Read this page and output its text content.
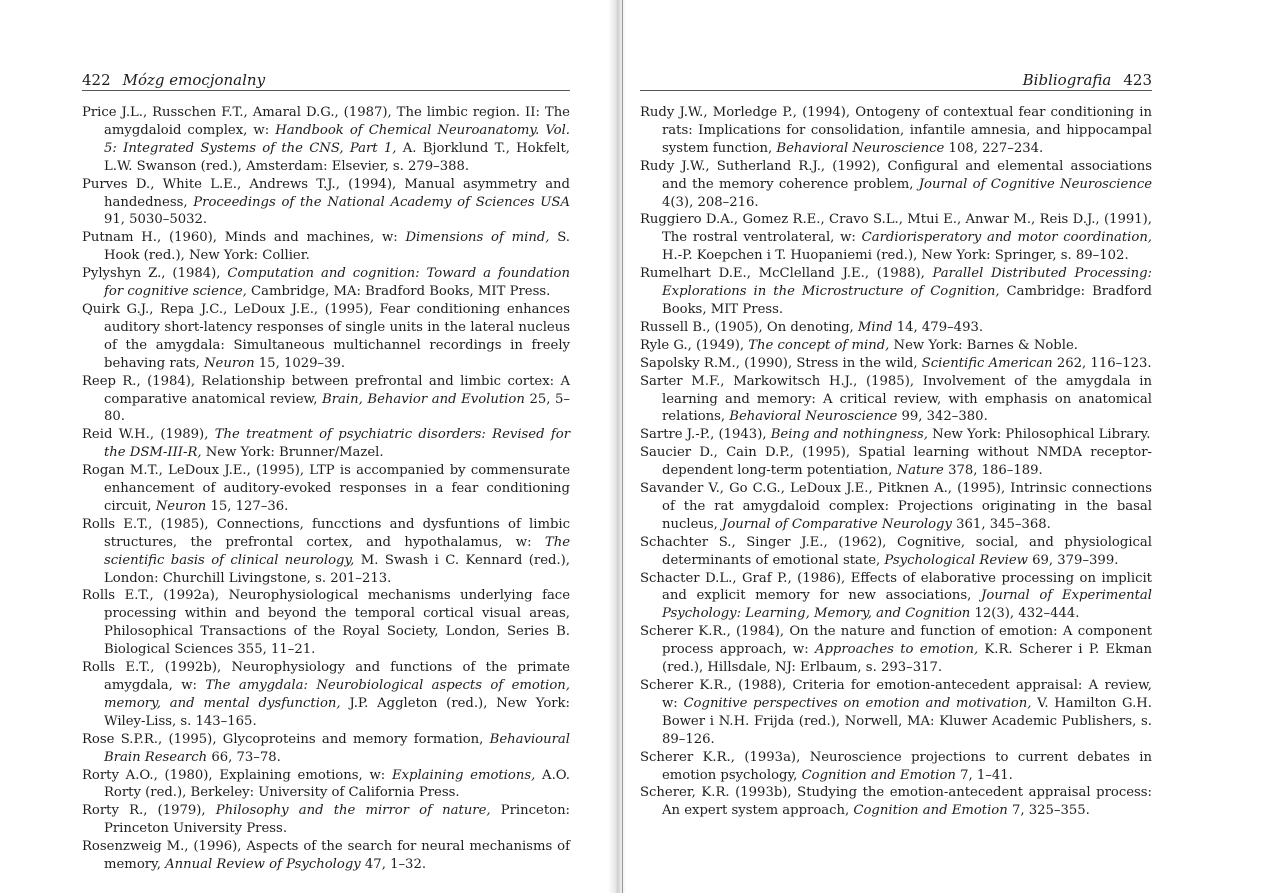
422 Mózg emocjonalny

Price J.L., Russchen F.T., Amaral D.G., (1987), The limbic region. II: The amygdaloid complex, w: Handbook of Chemical Neuroanatomy. Vol. 5: Integrated Systems of the CNS, Part 1, A. Bjorklund T., Hokfelt, L.W. Swanson (red.), Amsterdam: Elsevier, s. 279–388.

Purves D., White L.E., Andrews T.J., (1994), Manual asymmetry and handedness, Proceedings of the National Academy of Sciences USA 91, 5030–5032.

Putnam H., (1960), Minds and machines, w: Dimensions of mind, S. Hook (red.), New York: Collier.

Pylyshyn Z., (1984), Computation and cognition: Toward a foundation for cognitive science, Cambridge, MA: Bradford Books, MIT Press.

Quirk G.J., Repa J.C., LeDoux J.E., (1995), Fear conditioning enhances auditory short-latency responses of single units in the lateral nucleus of the amygdala: Simultaneous multichannel recordings in freely behaving rats, Neuron 15, 1029–39.

Reep R., (1984), Relationship between prefrontal and limbic cortex: A comparative anatomical review, Brain, Behavior and Evolution 25, 5–80.

Reid W.H., (1989), The treatment of psychiatric disorders: Revised for the DSM-III-R, New York: Brunner/Mazel.

Rogan M.T., LeDoux J.E., (1995), LTP is accompanied by commensurate enhancement of auditory-evoked responses in a fear conditioning circuit, Neuron 15, 127–36.

Rolls E.T., (1985), Connections, funcctions and dysfuntions of limbic structures, the prefrontal cortex, and hypothalamus, w: The scientific basis of clinical neurology, M. Swash i C. Kennard (red.), London: Churchill Livingstone, s. 201–213.

Rolls E.T., (1992a), Neurophysiological mechanisms underlying face processing within and beyond the temporal cortical visual areas, Philosophical Transactions of the Royal Society, London, Series B. Biological Sciences 355, 11–21.

Rolls E.T., (1992b), Neurophysiology and functions of the primate amygdala, w: The amygdala: Neurobiological aspects of emotion, memory, and mental dysfunction, J.P. Aggleton (red.), New York: Wiley-Liss, s. 143–165.

Rose S.P.R., (1995), Glycoproteins and memory formation, Behavioural Brain Research 66, 73–78.

Rorty A.O., (1980), Explaining emotions, w: Explaining emotions, A.O. Rorty (red.), Berkeley: University of California Press.

Rorty R., (1979), Philosophy and the mirror of nature, Princeton: Princeton University Press.

Rosenzweig M., (1996), Aspects of the search for neural mechanisms of memory, Annual Review of Psychology 47, 1–32.

Bibliografia 423

Rudy J.W., Morledge P., (1994), Ontogeny of contextual fear conditioning in rats: Implications for consolidation, infantile amnesia, and hippocampal system function, Behavioral Neuroscience 108, 227–234.

Rudy J.W., Sutherland R.J., (1992), Configural and elemental associations and the memory coherence problem, Journal of Cognitive Neuroscience 4(3), 208–216.

Ruggiero D.A., Gomez R.E., Cravo S.L., Mtui E., Anwar M., Reis D.J., (1991), The rostral ventrolateral, w: Cardiorisperatory and motor coordination, H.-P. Koepchen i T. Huopaniemi (red.), New York: Springer, s. 89–102.

Rumelhart D.E., McClelland J.E., (1988), Parallel Distributed Processing: Explorations in the Microstructure of Cognition, Cambridge: Bradford Books, MIT Press.

Russell B., (1905), On denoting, Mind 14, 479–493.

Ryle G., (1949), The concept of mind, New York: Barnes & Noble.

Sapolsky R.M., (1990), Stress in the wild, Scientific American 262, 116–123.

Sarter M.F., Markowitsch H.J., (1985), Involvement of the amygdala in learning and memory: A critical review, with emphasis on anatomical relations, Behavioral Neuroscience 99, 342–380.

Sartre J.-P., (1943), Being and nothingness, New York: Philosophical Library.

Saucier D., Cain D.P., (1995), Spatial learning without NMDA receptor-dependent long-term potentiation, Nature 378, 186–189.

Savander V., Go C.G., LeDoux J.E., Pitknen A., (1995), Intrinsic connections of the rat amygdaloid complex: Projections originating in the basal nucleus, Journal of Comparative Neurology 361, 345–368.

Schachter S., Singer J.E., (1962), Cognitive, social, and physiological determinants of emotional state, Psychological Review 69, 379–399.

Schacter D.L., Graf P., (1986), Effects of elaborative processing on implicit and explicit memory for new associations, Journal of Experimental Psychology: Learning, Memory, and Cognition 12(3), 432–444.

Scherer K.R., (1984), On the nature and function of emotion: A component process approach, w: Approaches to emotion, K.R. Scherer i P. Ekman (red.), Hillsdale, NJ: Erlbaum, s. 293–317.

Scherer K.R., (1988), Criteria for emotion-antecedent appraisal: A review, w: Cognitive perspectives on emotion and motivation, V. Hamilton G.H. Bower i N.H. Frijda (red.), Norwell, MA: Kluwer Academic Publishers, s. 89–126.

Scherer K.R., (1993a), Neuroscience projections to current debates in emotion psychology, Cognition and Emotion 7, 1–41.

Scherer, K.R. (1993b), Studying the emotion-antecedent appraisal process: An expert system approach, Cognition and Emotion 7, 325–355.
